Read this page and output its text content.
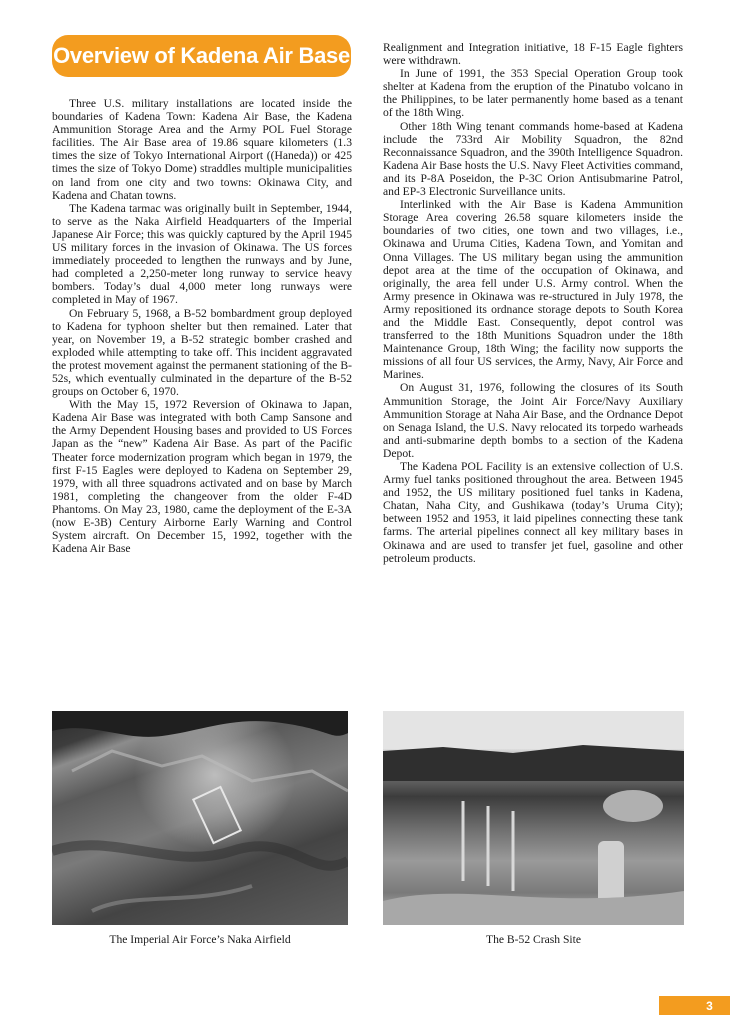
Overview of Kadena Air Base

Three U.S. military installations are located inside the boundaries of Kadena Town: Kadena Air Base, the Kadena Ammunition Storage Area and the Army POL Fuel Storage facilities. The Air Base area of 19.86 square kilometers (1.3 times the size of Tokyo International Airport ((Haneda)) or 425 times the size of Tokyo Dome) straddles multiple municipalities on land from one city and two towns: Okinawa City, and Kadena and Chatan towns.

The Kadena tarmac was originally built in September, 1944, to serve as the Naka Airfield Headquarters of the Imperial Japanese Air Force; this was quickly captured by the April 1945 US military forces in the invasion of Okinawa. The US forces immediately proceeded to lengthen the runways and by June, had completed a 2,250-meter long runway to service heavy bombers. Today’s dual 4,000 meter long runways were completed in May of 1967.

On February 5, 1968, a B-52 bombardment group deployed to Kadena for typhoon shelter but then remained. Later that year, on November 19, a B-52 strategic bomber crashed and exploded while attempting to take off. This incident aggravated the protest movement against the permanent stationing of the B-52s, which eventually culminated in the departure of the B-52 groups on October 6, 1970.

With the May 15, 1972 Reversion of Okinawa to Japan, Kadena Air Base was integrated with both Camp Sansone and the Army Dependent Housing bases and provided to US Forces Japan as the “new” Kadena Air Base. As part of the Pacific Theater force modernization program which began in 1979, the first F-15 Eagles were deployed to Kadena on September 29, 1979, with all three squadrons activated and on base by March 1981, completing the changeover from the older F-4D Phantoms. On May 23, 1980, came the deployment of the E-3A (now E-3B) Century Airborne Early Warning and Control System aircraft. On December 15, 1992, together with the Kadena Air Base

Realignment and Integration initiative, 18 F-15 Eagle fighters were withdrawn.

In June of 1991, the 353 Special Operation Group took shelter at Kadena from the eruption of the Pinatubo volcano in the Philippines, to be later permanently home based as a tenant of the 18th Wing.

Other 18th Wing tenant commands home-based at Kadena include the 733rd Air Mobility Squadron, the 82nd Reconnaissance Squadron, and the 390th Intelligence Squadron. Kadena Air Base hosts the U.S. Navy Fleet Activities command, and its P-8A Poseidon, the P-3C Orion Antisubmarine Patrol, and EP-3 Electronic Surveillance units.

Interlinked with the Air Base is Kadena Ammunition Storage Area covering 26.58 square kilometers inside the boundaries of two cities, one town and two villages, i.e., Okinawa and Uruma Cities, Kadena Town, and Yomitan and Onna Villages. The US military began using the ammunition depot area at the time of the occupation of Okinawa, and originally, the area fell under U.S. Army control. When the Army presence in Okinawa was re-structured in July 1978, the Army repositioned its ordnance storage depots to South Korea and the Middle East. Consequently, depot control was transferred to the 18th Munitions Squadron under the 18th Maintenance Group, 18th Wing; the facility now supports the missions of all four US services, the Army, Navy, Air Force and Marines.

On August 31, 1976, following the closures of its South Ammunition Storage, the Joint Air Force/Navy Auxiliary Ammunition Storage at Naha Air Base, and the Ordnance Depot on Senaga Island, the U.S. Navy relocated its torpedo warheads and anti-submarine depth bombs to a section of the Kadena Depot.

The Kadena POL Facility is an extensive collection of U.S. Army fuel tanks positioned throughout the area. Between 1945 and 1952, the US military positioned fuel tanks in Kadena, Chatan, Naha City, and Gushikawa (today’s Uruma City); between 1952 and 1953, it laid pipelines connecting these tank farms. The arterial pipelines connect all key military bases in Okinawa and are used to transfer jet fuel, gasoline and other petroleum products.

The Imperial Air Force’s Naka Airfield	The B-52 Crash Site
3
